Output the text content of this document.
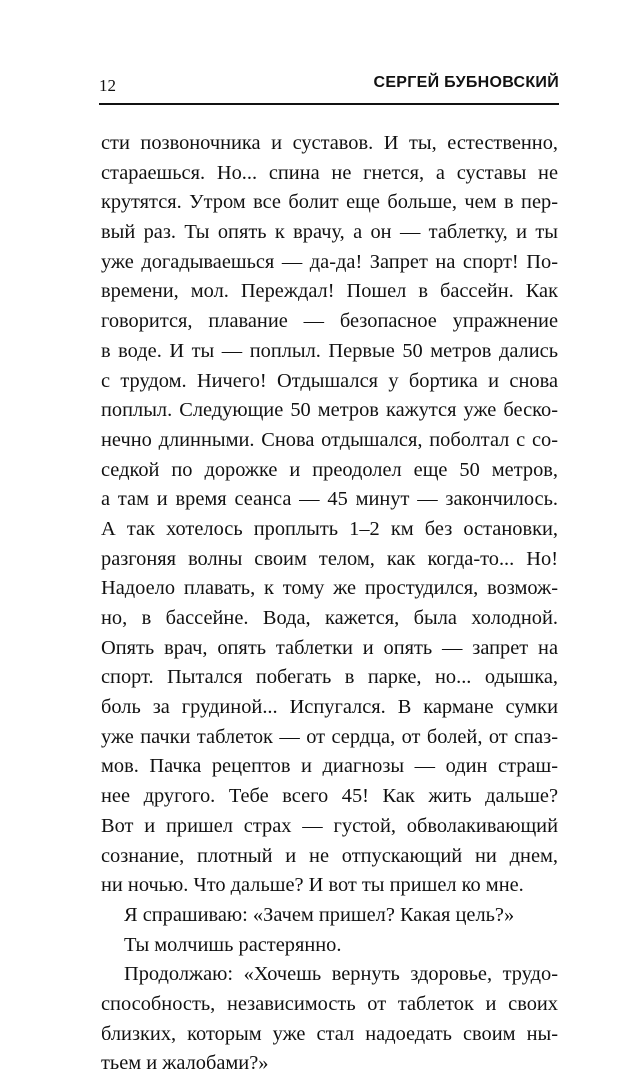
12	СЕРГЕЙ БУБНОВСКИЙ
сти позвоночника и суставов. И ты, естественно,
стараешься. Но... спина не гнется, а суставы не
крутятся. Утром все болит еще больше, чем в пер-
вый раз. Ты опять к врачу, а он — таблетку, и ты
уже догадываешься — да-да! Запрет на спорт! По-
времени, мол. Переждал! Пошел в бассейн. Как
говорится, плавание — безопасное упражнение
в воде. И ты — поплыл. Первые 50 метров дались
с трудом. Ничего! Отдышался у бортика и снова
поплыл. Следующие 50 метров кажутся уже беско-
нечно длинными. Снова отдышался, поболтал с со-
седкой по дорожке и преодолел еще 50 метров,
а там и время сеанса — 45 минут — закончилось.
А так хотелось проплыть 1–2 км без остановки,
разгоняя волны своим телом, как когда-то... Но!
Надоело плавать, к тому же простудился, возмож-
но, в бассейне. Вода, кажется, была холодной.
Опять врач, опять таблетки и опять — запрет на
спорт. Пытался побегать в парке, но... одышка,
боль за грудиной... Испугался. В кармане сумки
уже пачки таблеток — от сердца, от болей, от спаз-
мов. Пачка рецептов и диагнозы — один страш-
нее другого. Тебе всего 45! Как жить дальше?
Вот и пришел страх — густой, обволакивающий
сознание, плотный и не отпускающий ни днем,
ни ночью. Что дальше? И вот ты пришел ко мне.
Я спрашиваю: «Зачем пришел? Какая цель?»
Ты молчишь растерянно.
Продолжаю: «Хочешь вернуть здоровье, трудо-
способность, независимость от таблеток и своих
близких, которым уже стал надоедать своим ны-
тьем и жалобами?»
